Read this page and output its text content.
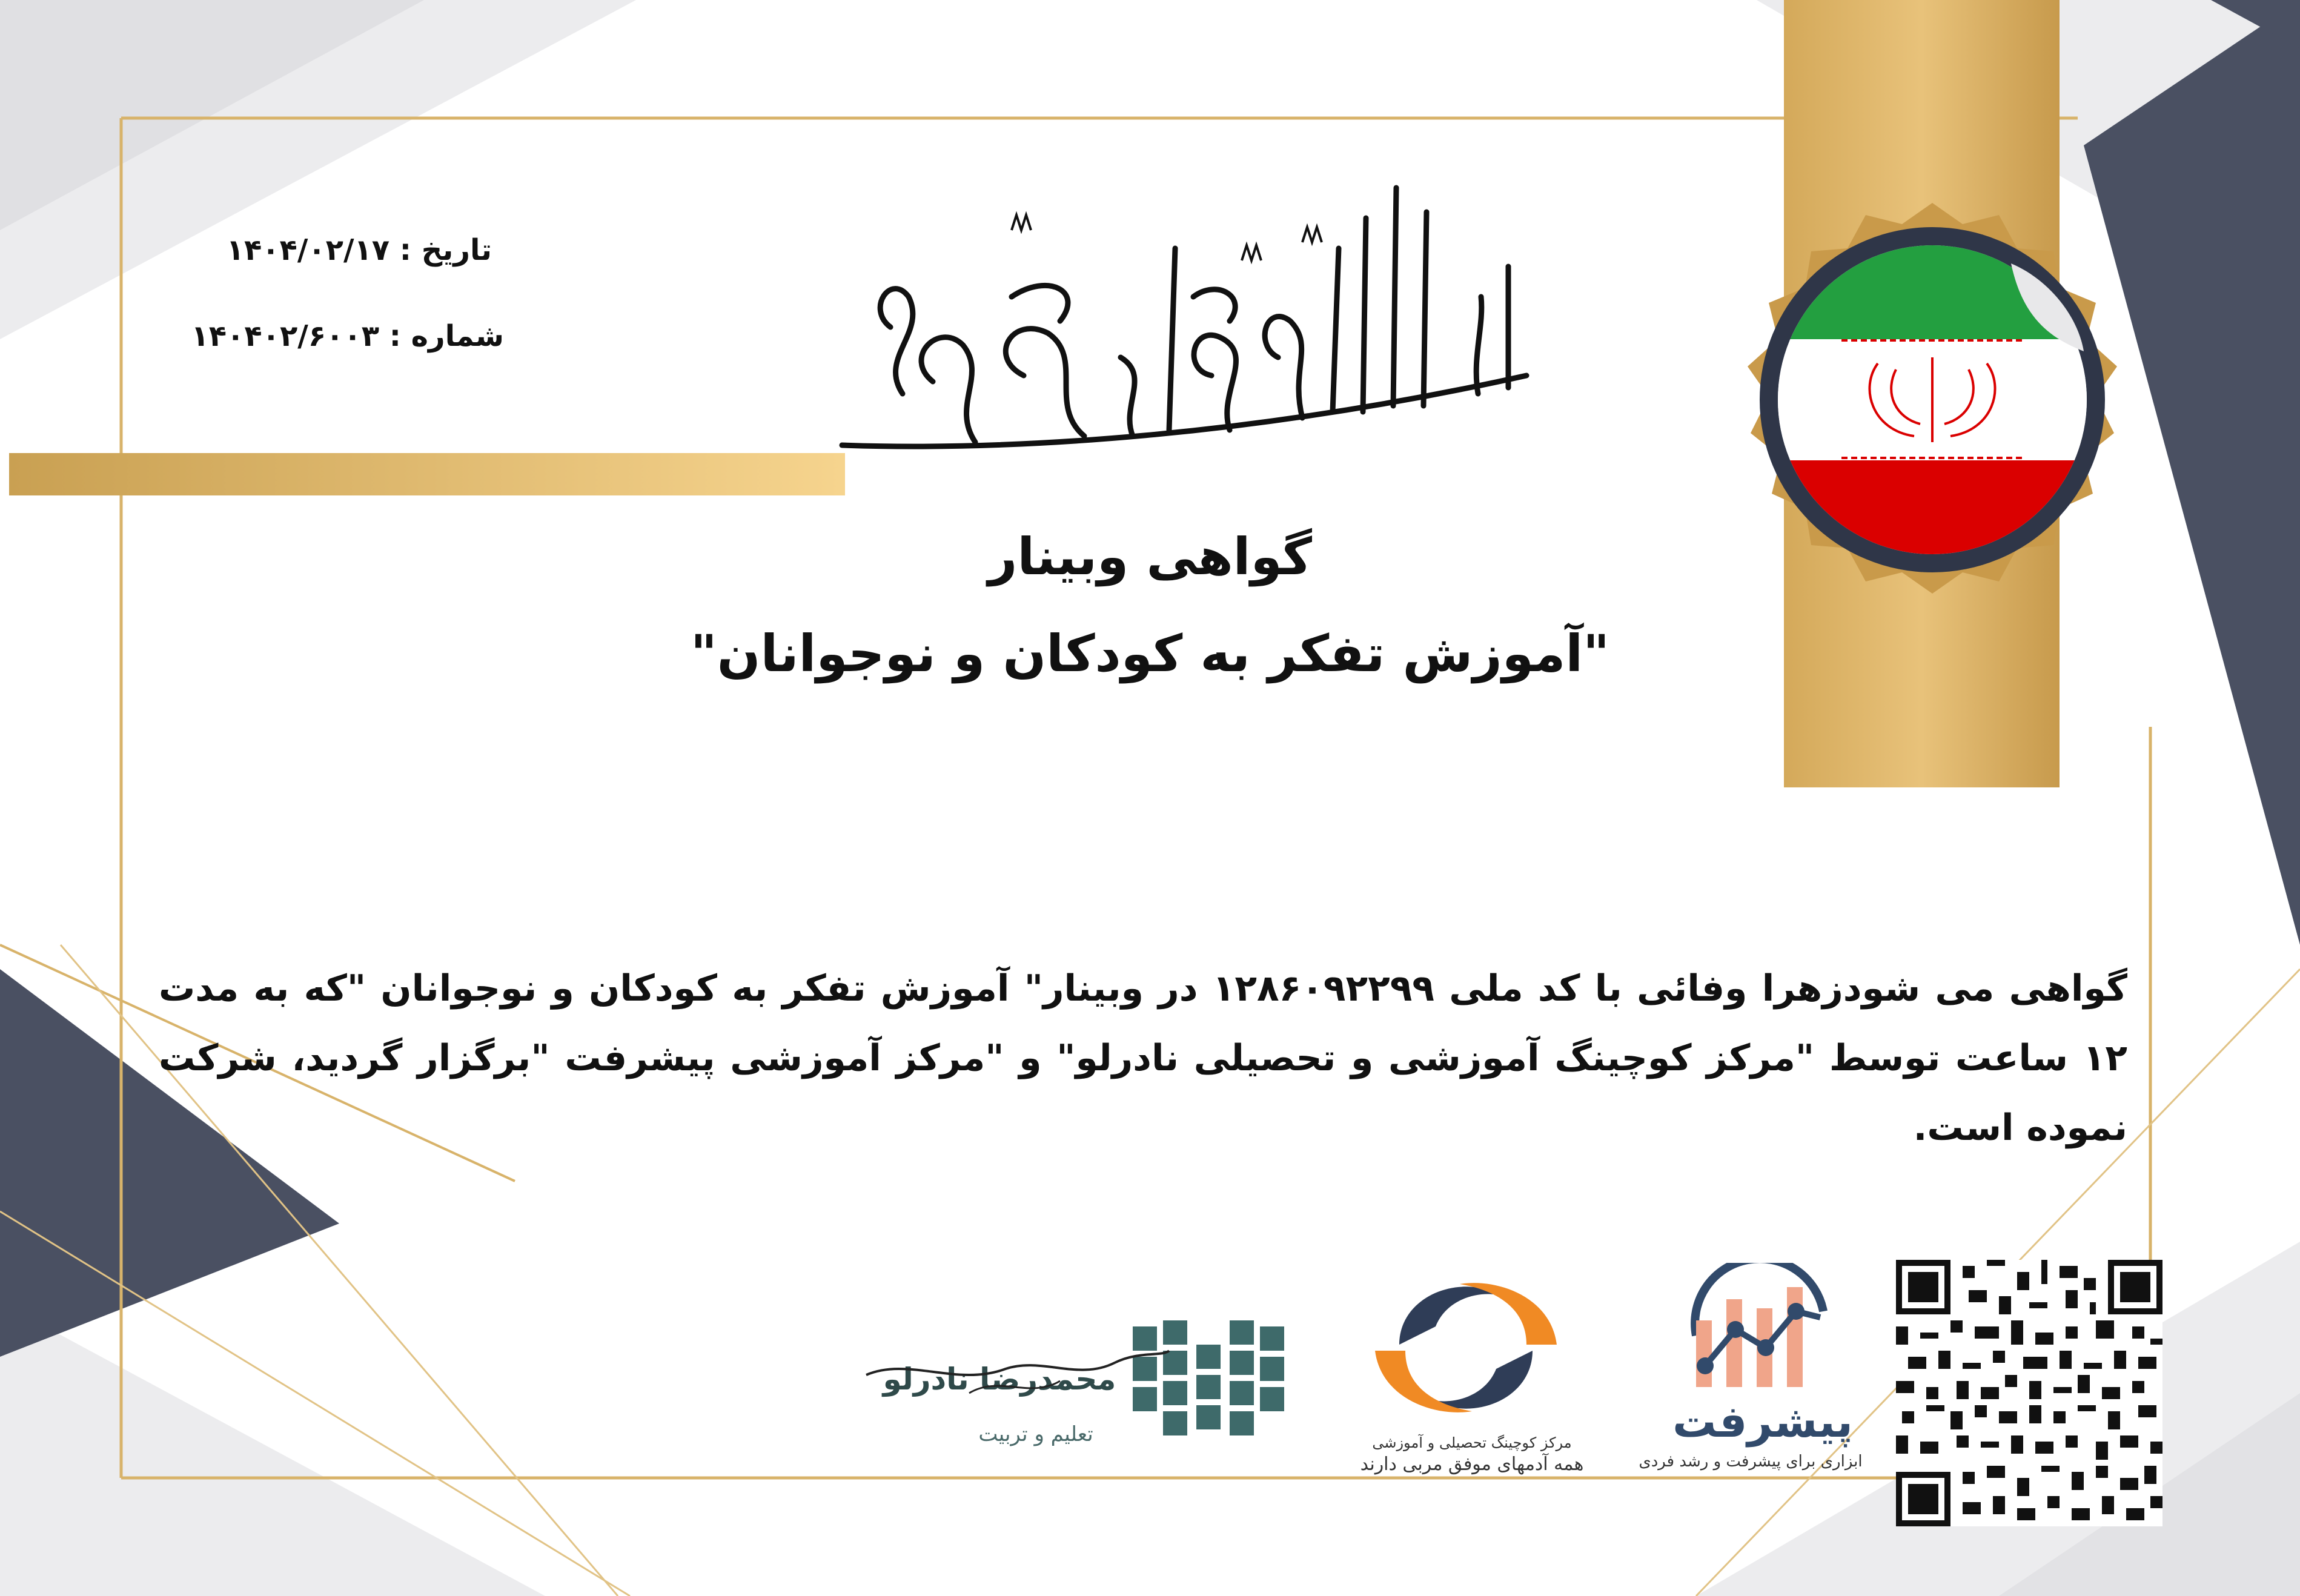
تاریخ : ۱۴۰۴/۰۲/۱۷
شماره : ۱۴۰۴۰۲/۶۰۰۳
گواهی وبینار
"آموزش تفکر به کودکان و نوجوانان"
گواهی می شودزهرا وفائی با کد ملی ۱۲۸۶۰۹۲۲۹۹ در وبینار" آموزش تفکر به کودکان و نوجوانان "که به مدت ۱۲ ساعت توسط "مرکز کوچینگ آموزشی و تحصیلی نادرلو" و "مرکز آموزشی پیشرفت "برگزار گردید، شرکت نموده است.
محمدرضا نادرلو
تعلیم و تربیت	مرکز کوچینگ تحصیلی و آموزشی
همه آدمهای موفق مربی دارند
پیشرفت
ابزاری برای پیشرفت و رشد فردی
